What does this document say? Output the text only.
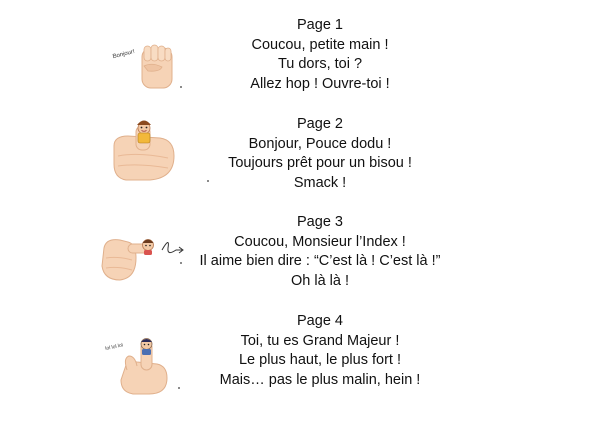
Bonjour!
Page 1
Coucou, petite main !
Tu dors, toi ?
Allez hop ! Ouvre-toi !
Page 2
Bonjour, Pouce dodu !
Toujours prêt pour un bisou !
Smack !
Page 3
Coucou, Monsieur l’Index !
Il aime bien dire : “C’est là ! C’est là !”
Oh là là !
lol lol lol
Page 4
Toi, tu es Grand Majeur !
Le plus haut, le plus fort !
Mais… pas le plus malin, hein !
